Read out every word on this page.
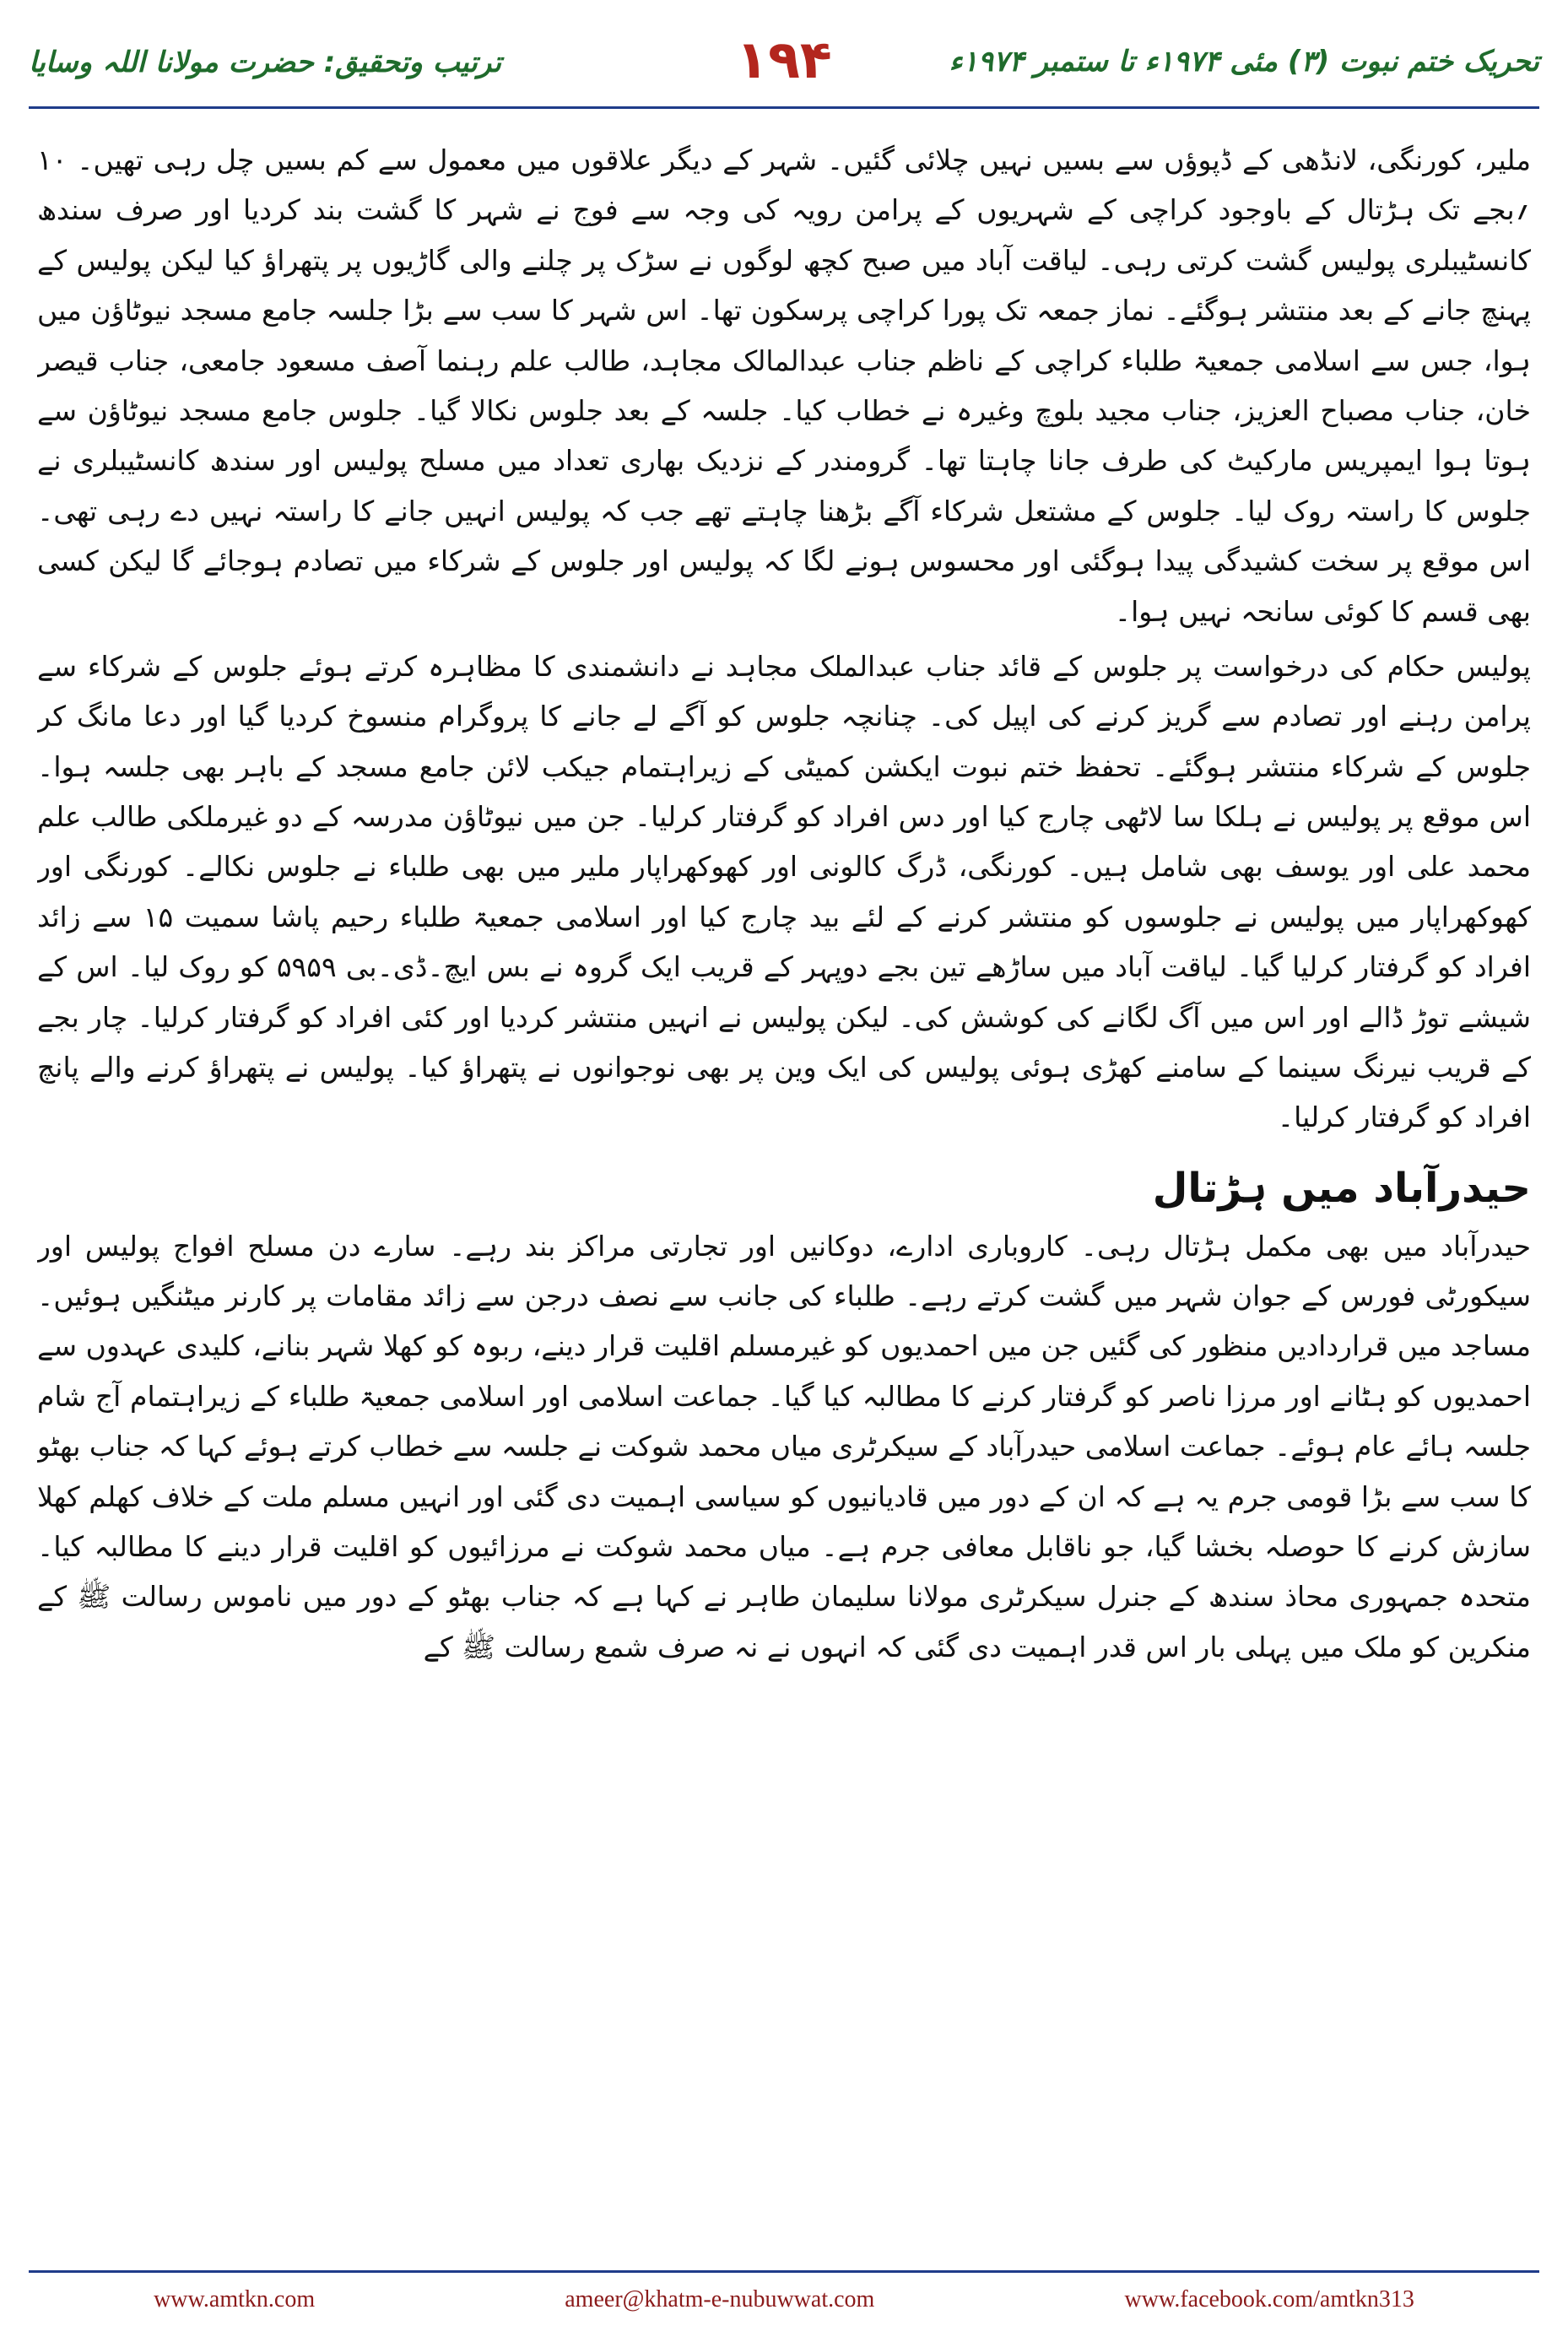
ترتیب وتحقیق: حضرت مولانا اللہ وسایا	۱۹۴	تحریک ختم نبوت (۳) مئی ۱۹۷۴ء تا ستمبر ۱۹۷۴ء

ملیر، کورنگی، لانڈھی کے ڈپوؤں سے بسیں نہیں چلائی گئیں۔ شہر کے دیگر علاقوں میں معمول سے کم بسیں چل رہی تھیں۔ ۱۰ ؍بجے تک ہڑتال کے باوجود کراچی کے شہریوں کے پرامن رویہ کی وجہ سے فوج نے شہر کا گشت بند کردیا اور صرف سندھ کانسٹیبلری پولیس گشت کرتی رہی۔ لیاقت آباد میں صبح کچھ لوگوں نے سڑک پر چلنے والی گاڑیوں پر پتھراؤ کیا لیکن پولیس کے پہنچ جانے کے بعد منتشر ہوگئے۔ نماز جمعہ تک پورا کراچی پرسکون تھا۔ اس شہر کا سب سے بڑا جلسہ جامع مسجد نیوٹاؤن میں ہوا، جس سے اسلامی جمعیۃ طلباء کراچی کے ناظم جناب عبدالمالک مجاہد، طالب علم رہنما آصف مسعود جامعی، جناب قیصر خان، جناب مصباح العزیز، جناب مجید بلوچ وغیرہ نے خطاب کیا۔ جلسہ کے بعد جلوس نکالا گیا۔ جلوس جامع مسجد نیوٹاؤن سے ہوتا ہوا ایمپریس مارکیٹ کی طرف جانا چاہتا تھا۔ گرومندر کے نزدیک بھاری تعداد میں مسلح پولیس اور سندھ کانسٹیبلری نے جلوس کا راستہ روک لیا۔ جلوس کے مشتعل شرکاء آگے بڑھنا چاہتے تھے جب کہ پولیس انہیں جانے کا راستہ نہیں دے رہی تھی۔ اس موقع پر سخت کشیدگی پیدا ہوگئی اور محسوس ہونے لگا کہ پولیس اور جلوس کے شرکاء میں تصادم ہوجائے گا لیکن کسی بھی قسم کا کوئی سانحہ نہیں ہوا۔

پولیس حکام کی درخواست پر جلوس کے قائد جناب عبدالملک مجاہد نے دانشمندی کا مظاہرہ کرتے ہوئے جلوس کے شرکاء سے پرامن رہنے اور تصادم سے گریز کرنے کی اپیل کی۔ چنانچہ جلوس کو آگے لے جانے کا پروگرام منسوخ کردیا گیا اور دعا مانگ کر جلوس کے شرکاء منتشر ہوگئے۔ تحفظ ختم نبوت ایکشن کمیٹی کے زیراہتمام جیکب لائن جامع مسجد کے باہر بھی جلسہ ہوا۔ اس موقع پر پولیس نے ہلکا سا لاٹھی چارج کیا اور دس افراد کو گرفتار کرلیا۔ جن میں نیوٹاؤن مدرسہ کے دو غیرملکی طالب علم محمد علی اور یوسف بھی شامل ہیں۔ کورنگی، ڈرگ کالونی اور کھوکھراپار ملیر میں بھی طلباء نے جلوس نکالے۔ کورنگی اور کھوکھراپار میں پولیس نے جلوسوں کو منتشر کرنے کے لئے بید چارج کیا اور اسلامی جمعیۃ طلباء رحیم پاشا سمیت ۱۵ سے زائد افراد کو گرفتار کرلیا گیا۔ لیاقت آباد میں ساڑھے تین بجے دوپہر کے قریب ایک گروہ نے بس ایچ۔ڈی۔بی ۵۹۵۹ کو روک لیا۔ اس کے شیشے توڑ ڈالے اور اس میں آگ لگانے کی کوشش کی۔ لیکن پولیس نے انہیں منتشر کردیا اور کئی افراد کو گرفتار کرلیا۔ چار بجے کے قریب نیرنگ سینما کے سامنے کھڑی ہوئی پولیس کی ایک وین پر بھی نوجوانوں نے پتھراؤ کیا۔ پولیس نے پتھراؤ کرنے والے پانچ افراد کو گرفتار کرلیا۔

حیدرآباد میں ہڑتال

حیدرآباد میں بھی مکمل ہڑتال رہی۔ کاروباری ادارے، دوکانیں اور تجارتی مراکز بند رہے۔ سارے دن مسلح افواج پولیس اور سیکورٹی فورس کے جوان شہر میں گشت کرتے رہے۔ طلباء کی جانب سے نصف درجن سے زائد مقامات پر کارنر میٹنگیں ہوئیں۔ مساجد میں قراردادیں منظور کی گئیں جن میں احمدیوں کو غیرمسلم اقلیت قرار دینے، ربوہ کو کھلا شہر بنانے، کلیدی عہدوں سے احمدیوں کو ہٹانے اور مرزا ناصر کو گرفتار کرنے کا مطالبہ کیا گیا۔ جماعت اسلامی اور اسلامی جمعیۃ طلباء کے زیراہتمام آج شام جلسہ ہائے عام ہوئے۔ جماعت اسلامی حیدرآباد کے سیکرٹری میاں محمد شوکت نے جلسہ سے خطاب کرتے ہوئے کہا کہ جناب بھٹو کا سب سے بڑا قومی جرم یہ ہے کہ ان کے دور میں قادیانیوں کو سیاسی اہمیت دی گئی اور انہیں مسلم ملت کے خلاف کھلم کھلا سازش کرنے کا حوصلہ بخشا گیا، جو ناقابل معافی جرم ہے۔ میاں محمد شوکت نے مرزائیوں کو اقلیت قرار دینے کا مطالبہ کیا۔ متحدہ جمہوری محاذ سندھ کے جنرل سیکرٹری مولانا سلیمان طاہر نے کہا ہے کہ جناب بھٹو کے دور میں ناموس رسالت ﷺ کے منکرین کو ملک میں پہلی بار اس قدر اہمیت دی گئی کہ انہوں نے نہ صرف شمع رسالت ﷺ کے

www.amtkn.com	ameer@khatm-e-nubuwwat.com	www.facebook.com/amtkn313
